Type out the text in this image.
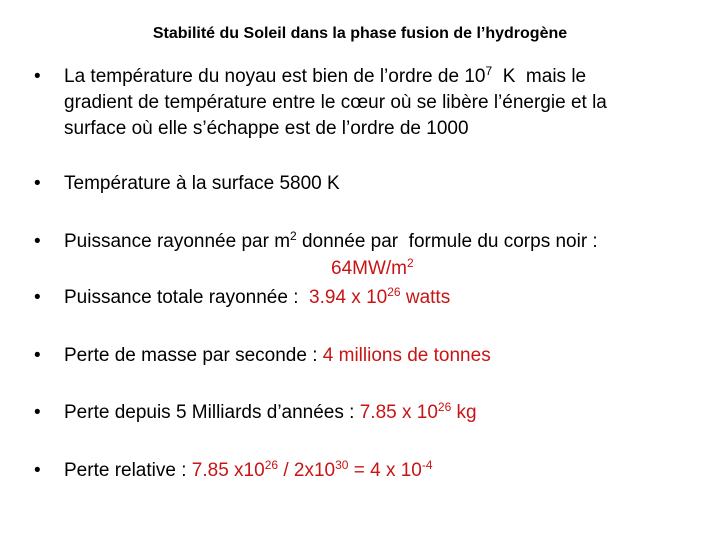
Stabilité du Soleil dans la phase fusion de l’hydrogène
• La température du noyau est bien de l’ordre de $10^7$  K  mais le
gradient de température entre le cœur où se libère l’énergie et la
surface où elle s’échappe est de l’ordre de 1000
• Température à la surface 5800 K
• Puissance rayonnée par $m^2$ donnée par  formule du corps noir :
$64MW/m^2$
• Puissance totale rayonnée :  3.94 x $10^{26}$ watts
• Perte de masse par seconde : 4 millions de tonnes
• Perte depuis 5 Milliards d’années : 7.85 x $10^{26}$ kg
• Perte relative : 7.85 $x10^{26} / 2x10^{30} = 4$ x $10^{-4}$
